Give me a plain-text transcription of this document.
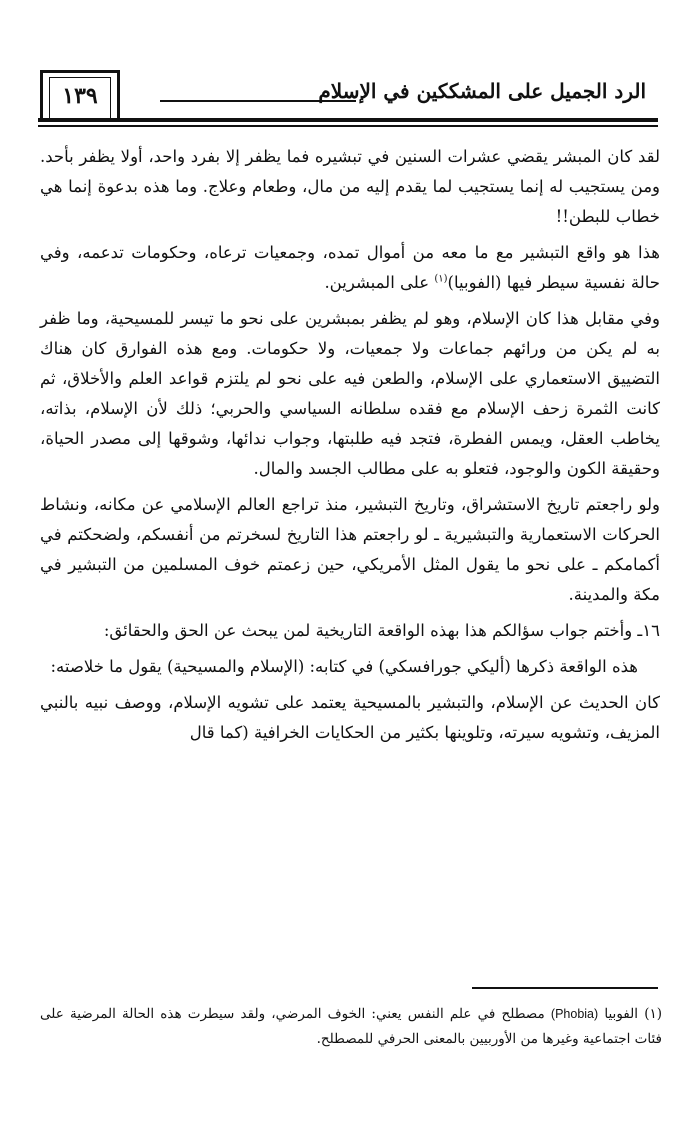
١٣٩	الرد الجميل على المشككين في الإسلام

لقد كان المبشر يقضي عشرات السنين في تبشيره فما يظفر إلا بفرد واحد، أولا يظفر بأحد. ومن يستجيب له إنما يستجيب لما يقدم إليه من مال، وطعام وعلاج. وما هذه بدعوة إنما هي خطاب للبطن!!

هذا هو واقع التبشير مع ما معه من أموال تمده، وجمعيات ترعاه، وحكومات تدعمه، وفي حالة نفسية سيطر فيها (الفوبيا)$^{(١)}$ على المبشرين.

وفي مقابل هذا كان الإسلام، وهو لم يظفر بمبشرين على نحو ما تيسر للمسيحية، وما ظفر به لم يكن من ورائهم جماعات ولا جمعيات، ولا حكومات. ومع هذه الفوارق كان هناك التضييق الاستعماري على الإسلام، والطعن فيه على نحو لم يلتزم قواعد العلم والأخلاق، ثم كانت الثمرة زحف الإسلام مع فقده سلطانه السياسي والحربي؛ ذلك لأن الإسلام، بذاته، يخاطب العقل، ويمس الفطرة، فتجد فيه طلبتها، وجواب ندائها، وشوقها إلى مصدر الحياة، وحقيقة الكون والوجود، فتعلو به على مطالب الجسد والمال.

ولو راجعتم تاريخ الاستشراق، وتاريخ التبشير، منذ تراجع العالم الإسلامي عن مكانه، ونشاط الحركات الاستعمارية والتبشيرية ـ لو راجعتم هذا التاريخ لسخرتم من أنفسكم، ولضحكتم في أكمامكم ـ على نحو ما يقول المثل الأمريكي، حين زعمتم خوف المسلمين من التبشير في مكة والمدينة.

١٦ـ وأختم جواب سؤالكم هذا بهذه الواقعة التاريخية لمن يبحث عن الحق والحقائق:

هذه الواقعة ذكرها (أليكي جورافسكي) في كتابه: (الإسلام والمسيحية) يقول ما خلاصته:

كان الحديث عن الإسلام، والتبشير بالمسيحية يعتمد على تشويه الإسلام، ووصف نبيه بالنبي المزيف، وتشويه سيرته، وتلوينها بكثير من الحكايات الخرافية (كما قال

(١) الفوبيا (Phobia) مصطلح في علم النفس يعني: الخوف المرضي، ولقد سيطرت هذه الحالة المرضية على فئات اجتماعية وغيرها من الأوربيين بالمعنى الحرفي للمصطلح.
